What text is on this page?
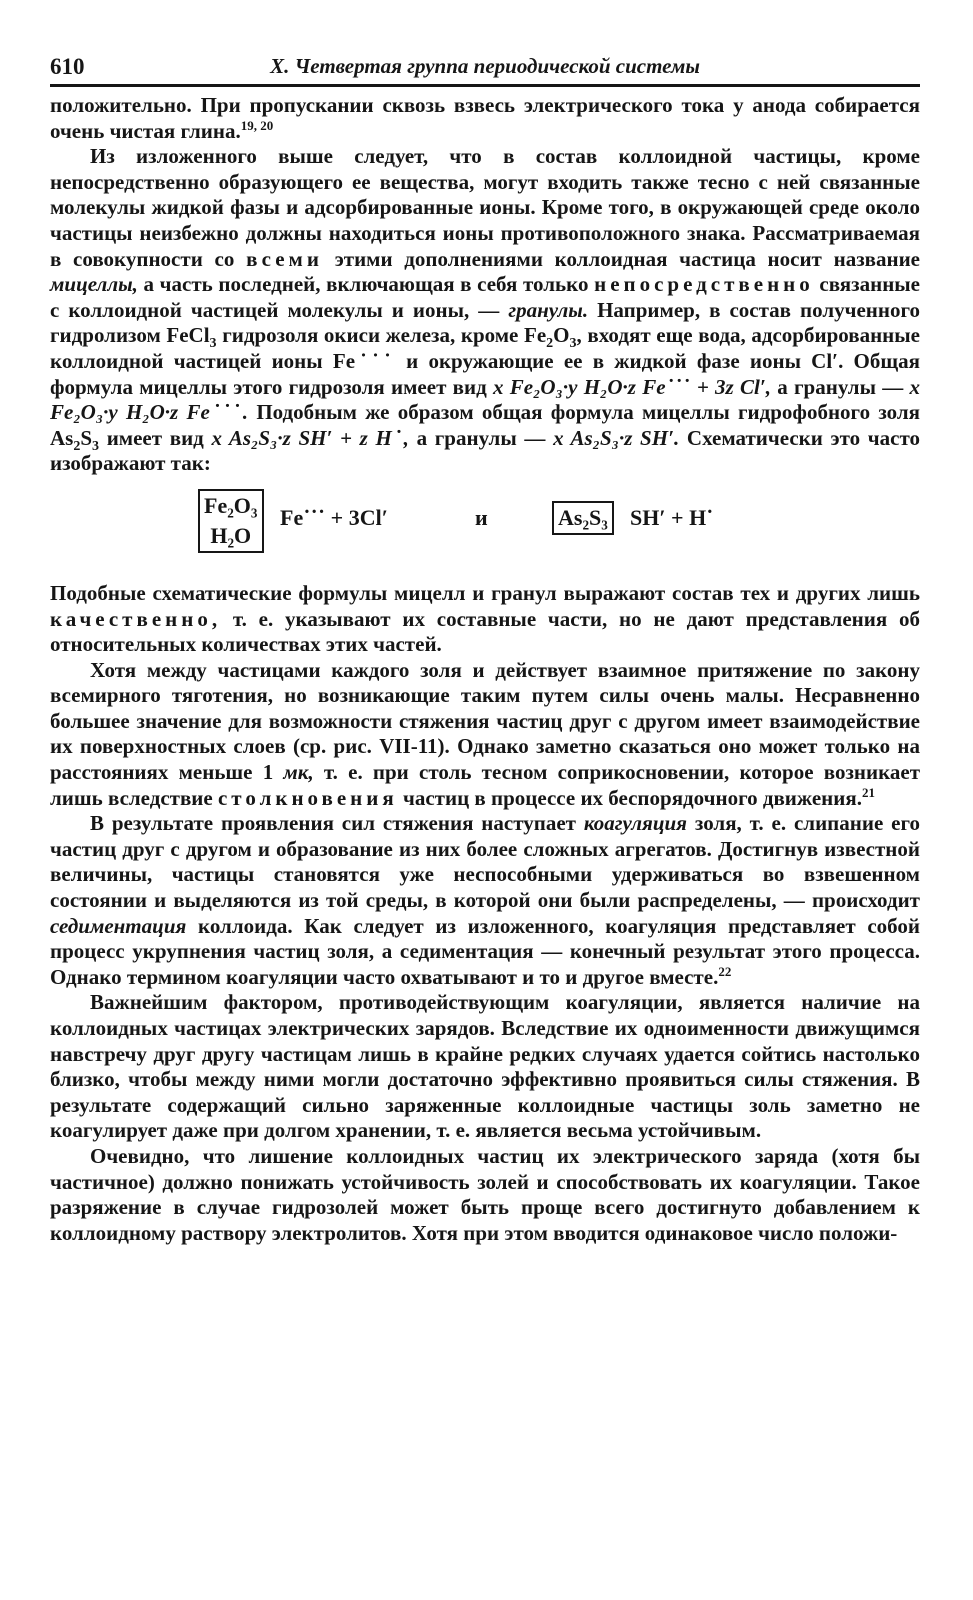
610	X. Четвертая группа периодической системы

положительно. При пропускании сквозь взвесь электрического тока у анода собирается очень чистая глина.$^{19, 20}$

Из изложенного выше следует, что в состав коллоидной частицы, кроме непосредственно образующего ее вещества, могут входить также тесно с ней связанные молекулы жидкой фазы и адсорбированные ионы. Кроме того, в окружающей среде около частицы неизбежно должны находиться ионы противоположного знака. Рассматриваемая в совокупности со всеми этими дополнениями коллоидная частица носит название мицеллы, а часть последней, включающая в себя только непосредственно связанные с коллоидной частицей молекулы и ионы, — гранулы. Например, в состав полученного гидролизом FeCl$_3$ гидрозоля окиси железа, кроме $Fe_2O_3$, входят еще вода, адсорбированные коллоидной частицей ионы Fe˙˙˙ и окружающие ее в жидкой фазе ионы Cl′. Общая формула мицеллы этого гидрозоля имеет вид x Fe₂O₃·y H₂O·z Fe˙˙˙ + 3z Cl′, а гранулы — x Fe₂O₃·y H₂O·z Fe˙˙˙. Подобным же образом общая формула мицеллы гидрофобного золя $As_2S_3$ имеет вид x As₂S₃·z SH′ + z H˙, а гранулы — x As₂S₃·z SH′. Схематически это часто изображают так:

Fe₂O₃
H₂O
Fe˙˙˙ + 3Cl′	и	As₂S₃ SH′ + H˙

Подобные схематические формулы мицелл и гранул выражают состав тех и других лишь качественно, т. е. указывают их составные части, но не дают представления об относительных количествах этих частей.

Хотя между частицами каждого золя и действует взаимное притяжение по закону всемирного тяготения, но возникающие таким путем силы очень малы. Несравненно большее значение для возможности стяжения частиц друг с другом имеет взаимодействие их поверхностных слоев (ср. рис. VII-11). Однако заметно сказаться оно может только на расстояниях меньше 1 мк, т. е. при столь тесном соприкосновении, которое возникает лишь вследствие столкновения частиц в процессе их беспорядочного движения.$^{21}$

В результате проявления сил стяжения наступает коагуляция золя, т. е. слипание его частиц друг с другом и образование из них более сложных агрегатов. Достигнув известной величины, частицы становятся уже неспособными удерживаться во взвешенном состоянии и выделяются из той среды, в которой они были распределены, — происходит седиментация коллоида. Как следует из изложенного, коагуляция представляет собой процесс укрупнения частиц золя, а седиментация — конечный результат этого процесса. Однако термином коагуляции часто охватывают и то и другое вместе.$^{22}$

Важнейшим фактором, противодействующим коагуляции, является наличие на коллоидных частицах электрических зарядов. Вследствие их одноименности движущимся навстречу друг другу частицам лишь в крайне редких случаях удается сойтись настолько близко, чтобы между ними могли достаточно эффективно проявиться силы стяжения. В результате содержащий сильно заряженные коллоидные частицы золь заметно не коагулирует даже при долгом хранении, т. е. является весьма устойчивым.

Очевидно, что лишение коллоидных частиц их электрического заряда (хотя бы частичное) должно понижать устойчивость золей и способствовать их коагуляции. Такое разряжение в случае гидрозолей может быть проще всего достигнуто добавлением к коллоидному раствору электролитов. Хотя при этом вводится одинаковое число положи-
